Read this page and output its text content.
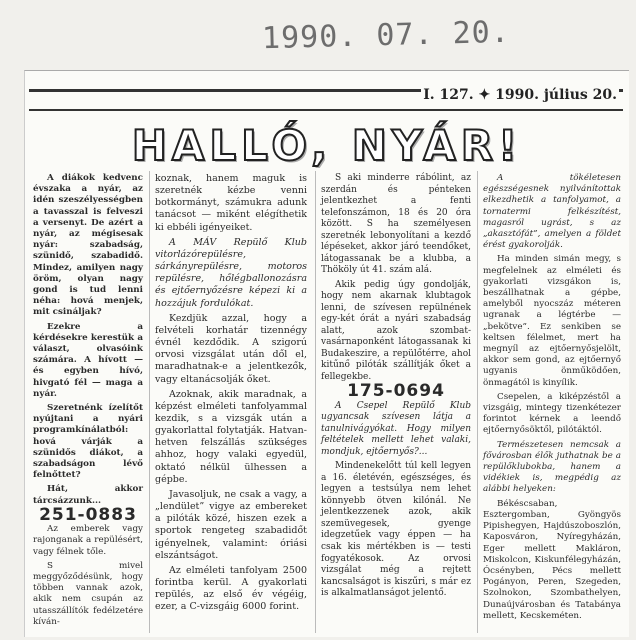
1990. 07. 20.
I. 127. ✦ 1990. július 20.
HALLÓ, NYÁR!

A diákok kedvenc évszaka a nyár, az idén szeszélyességben a tavasszal is felveszi a versenyt. De azért a nyár, az mégisesak nyár: szabadság, szünidő, szabadidő. Mindez, amilyen nagy öröm, olyan nagy gond is tud lenni néha: hová menjek, mit csináljak?

Ezekre a kérdésekre kerestük a választ, olvasóink számára. A hívott — és egyben hívó, hivgató fél — maga a nyár.

Szeretnénk ízelítőt nyújtani a nyári programkínálatból: hová várják a szünidős diákot, a szabadságon lévő felnőttet?

Hát, akkor tárcsázzunk...

251-0883

Az emberek vagy rajonganak a repülésért, vagy félnek tőle.

S mivel meggyőződésünk, hogy többen vannak azok, akik nem csupán az utasszállítók fedélzetére kíván-

koznak, hanem maguk is szeretnék kézbe venni botkormányt, számukra adunk tanácsot — miként elégíthetik ki ebbéli igényeiket.

A MÁV Repülő Klub vitorlázórepülésre, sárkányrepülésre, motoros repülésre, hőlégballonozásra és ejtőernyőzésre képezi ki a hozzájuk fordulókat.

Kezdjük azzal, hogy a felvételi korhatár tizennégy évnél kezdődik. A szigorú orvosi vizsgálat után dől el, maradhatnak-e a jelentkezők, vagy eltanácsolják őket.

Azoknak, akik maradnak, a képzést elméleti tanfolyammal kezdik, s a vizsgák után a gyakorlattal folytatják. Hatvan-hetven felszállás szükséges ahhoz, hogy valaki egyedül, oktató nélkül ülhessen a gépbe.

Javasoljuk, ne csak a vagy, a „lendület” vigye az embereket a pilóták közé, hiszen ezek a sportok rengeteg szabadidőt igényelnek, valamint: óriási elszántságot.

Az elméleti tanfolyam 2500 forintba kerül. A gyakorlati repülés, az első év végéig, ezer, a C-vizsgáig 6000 forint.

S aki minderre rábólint, az szerdán és pénteken jelentkezhet a fenti telefonszámon, 18 és 20 óra között. S ha személyesen szeretnék lebonyolítani a kezdő lépéseket, akkor járó teendőket, látogassanak be a klubba, a Thököly út 41. szám alá.

Akik pedig úgy gondolják, hogy nem akarnak klubtagok lenni, de szívesen repülnének egy-két órát a nyári szabadság alatt, azok szombat-vasárnaponként látogassanak ki Budakeszire, a repülőtérre, ahol kitűnő pilóták szállítják őket a fellegekbe.

175-0694

A Csepel Repülő Klub ugyancsak szívesen látja a tanulnivágyókat. Hogy milyen feltételek mellett lehet valaki, mondjuk, ejtőernyős?...

Mindenekelőtt túl kell legyen a 16. életévén, egészséges, és legyen a testsúlya nem lehet könnyebb ötven kilónál. Ne jelentkezzenek azok, akik szemüvegesek, gyenge idegzetűek vagy éppen — ha csak kis mértékben is — testi fogyatékosok. Az orvosi vizsgálat még a rejtett kancsalságot is kiszűri, s már ez is alkalmatlanságot jelentő.

A tökéletesen egészségesnek nyilvánítottak elkezdhetik a tanfolyamot, a tornatermi felkészítést, magasról ugrást, s az „akasztófát”, amelyen a földet érést gyakorolják.

Ha minden simán megy, s megfelelnek az elméleti és gyakorlati vizsgákon is, beszállhatnak a gépbe, amelyből nyocszáz méteren ugranak a légtérbe — „bekötve”. Ez senkiben se keltsen félelmet, mert ha megnyíl az ejtőernyősjelölt, akkor sem gond, az ejtőernyő ugyanis önműködően, önmagától is kinyílik.

Csepelen, a kiképzéstől a vizsgáig, mintegy tizenkétezer forintot kérnek a leendő ejtőernyősöktől, pilótáktól.

Természetesen nemcsak a fővárosban élők juthatnak be a repülőklubokba, hanem a vidékiek is, megpédig az alábbi helyeken:

Békéscsaban, Esztergomban, Gyöngyös Pipishegyen, Hajdúszoboszlón, Kaposváron, Nyíregyházán, Eger mellett Makláron, Miskolcon, Kiskunfélegyházán, Ócsényben, Pécs mellett Pogányon, Peren, Szegeden, Szolnokon, Szombathelyen, Dunaújvárosban és Tatabánya mellett, Kecskeméten.
